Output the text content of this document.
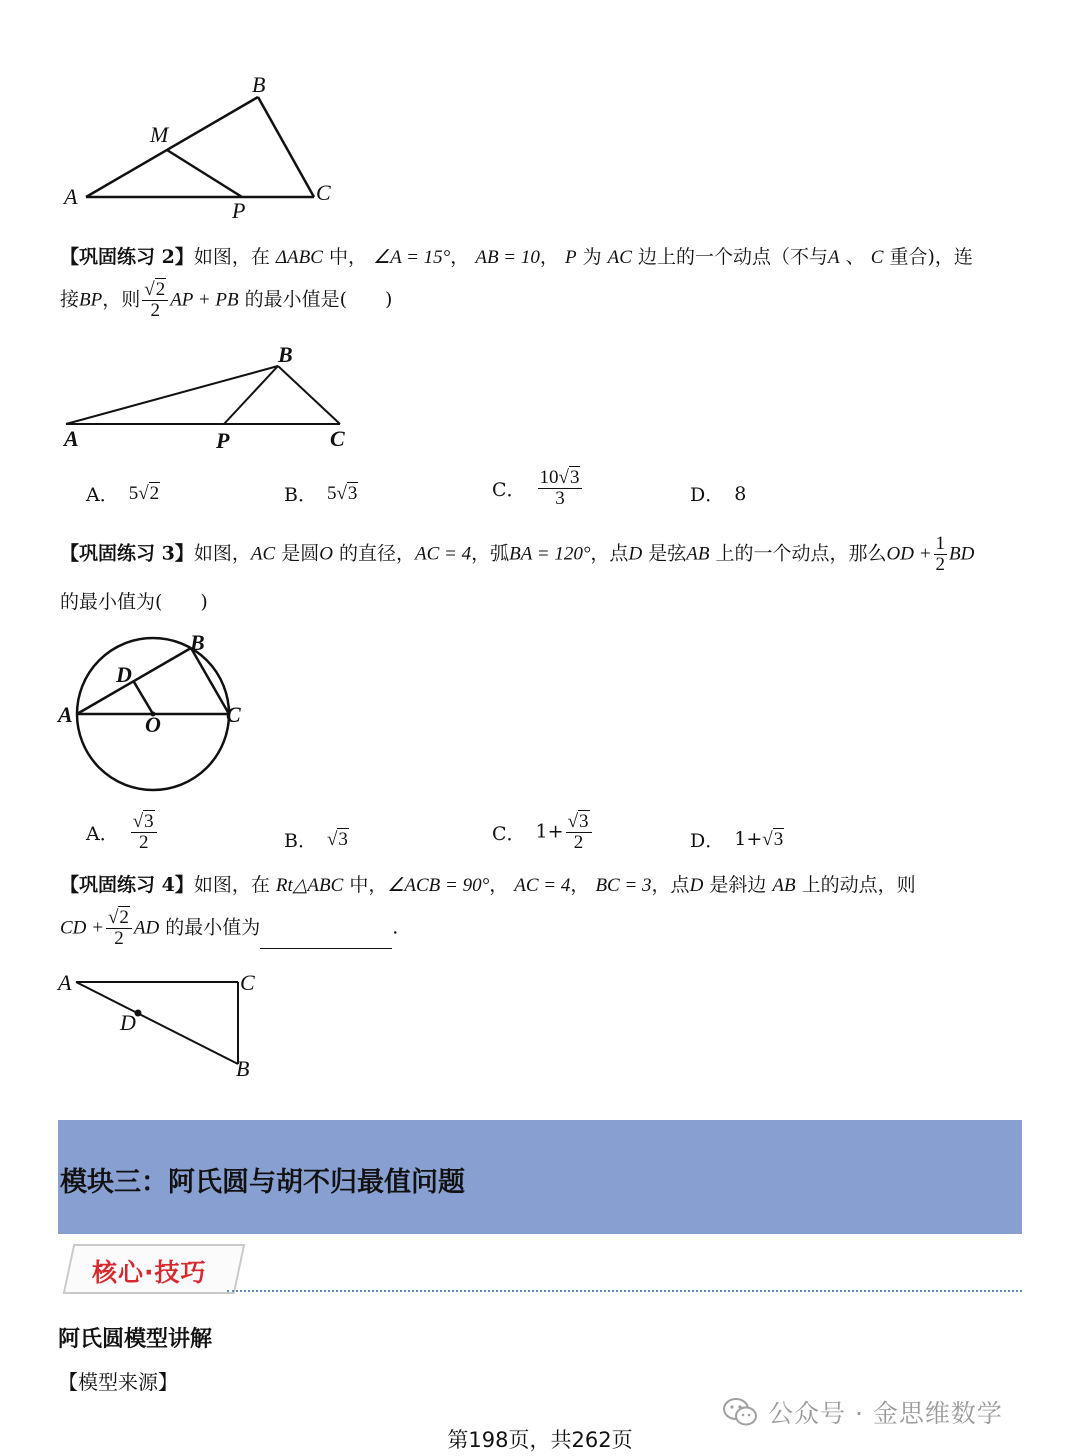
B
M
A
P
C
【巩固练习 2】如图，在 ΔABC 中， ∠A = 15°， AB = 10， P 为 AC 边上的一个动点（不与A 、 C 重合)，连
接BP，则 $\frac{√2}{2}$ AP + PB 的最小值是(　　)
B
A	P	C
A． 5√2	B． 5√3	C． $\frac{10√3}{3}$	D． 8
【巩固练习 3】如图，AC 是圆O 的直径，AC = 4，弧BA = 120°，点D 是弦AB 上的一个动点，那么OD + $\frac{1}{2}$ BD
的最小值为(　　)
B
D
A	O	C
A． $\frac{√3}{2}$	B． √3	C． $1+ \frac{√3}{2}$	D． 1+√3
【巩固练习 4】如图，在 Rt△ABC 中，∠ACB = 90°， AC = 4， BC = 3，点D 是斜边 AB 上的动点，则
CD + $\frac{√2}{2}$ AD 的最小值为	.
A	C
D
B
模块三：阿氏圆与胡不归最值问题
核心·技巧
阿氏圆模型讲解
【模型来源】
公众号 · 金思维数学
第198页，共262页
